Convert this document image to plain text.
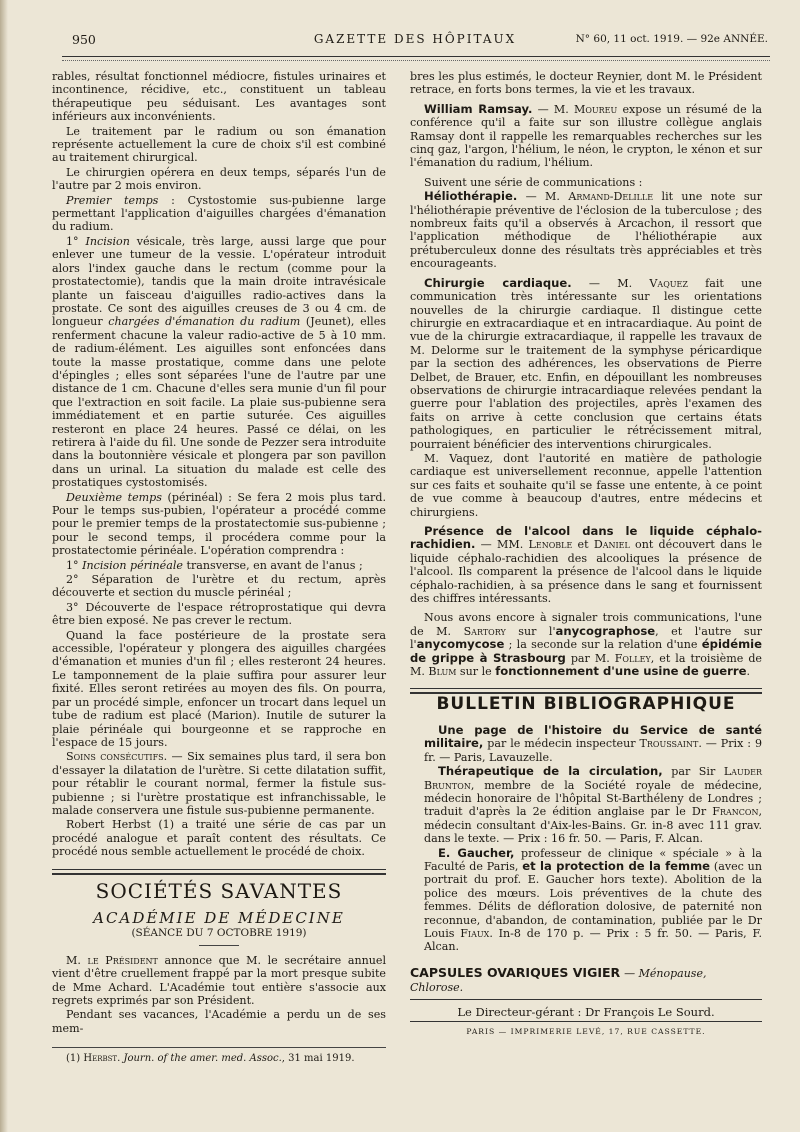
950	GAZETTE DES HÔPITAUX	N° 60, 11 oct. 1919. — 92e ANNÉE.

rables, résultat fonctionnel médiocre, fistules urinaires et incontinence, récidive, etc., constituent un tableau thérapeutique peu séduisant. Les avantages sont inférieurs aux inconvénients.

Le traitement par le radium ou son émanation représente actuellement la cure de choix s'il est combiné au traitement chirurgical.

Le chirurgien opérera en deux temps, séparés l'un de l'autre par 2 mois environ.

Premier temps : Cystostomie sus-pubienne large permettant l'application d'aiguilles chargées d'émanation du radium.

1° Incision vésicale, très large, aussi large que pour enlever une tumeur de la vessie. L'opérateur introduit alors l'index gauche dans le rectum (comme pour la prostatectomie), tandis que la main droite intravésicale plante un faisceau d'aiguilles radio-actives dans la prostate. Ce sont des aiguilles creuses de 3 ou 4 cm. de longueur chargées d'émanation du radium (Jeunet), elles renferment chacune la valeur radio-active de 5 à 10 mm. de radium-élément. Les aiguilles sont enfoncées dans toute la masse prostatique, comme dans une pelote d'épingles ; elles sont séparées l'une de l'autre par une distance de 1 cm. Chacune d'elles sera munie d'un fil pour que l'extraction en soit facile. La plaie sus-pubienne sera immédiatement et en partie suturée. Ces aiguilles resteront en place 24 heures. Passé ce délai, on les retirera à l'aide du fil. Une sonde de Pezzer sera introduite dans la boutonnière vésicale et plongera par son pavillon dans un urinal. La situation du malade est celle des prostatiques cystostomisés.

Deuxième temps (périnéal) : Se fera 2 mois plus tard. Pour le temps sus-pubien, l'opérateur a procédé comme pour le premier temps de la prostatectomie sus-pubienne ; pour le second temps, il procédera comme pour la prostatectomie périnéale. L'opération comprendra :

1° Incision périnéale transverse, en avant de l'anus ;

2° Séparation de l'urètre et du rectum, après découverte et section du muscle périnéal ;

3° Découverte de l'espace rétroprostatique qui devra être bien exposé. Ne pas crever le rectum.

Quand la face postérieure de la prostate sera accessible, l'opérateur y plongera des aiguilles chargées d'émanation et munies d'un fil ; elles resteront 24 heures. Le tamponnement de la plaie suffira pour assurer leur fixité. Elles seront retirées au moyen des fils. On pourra, par un procédé simple, enfoncer un trocart dans lequel un tube de radium est placé (Marion). Inutile de suturer la plaie périnéale qui bourgeonne et se rapproche en l'espace de 15 jours.

Soins consécutifs. — Six semaines plus tard, il sera bon d'essayer la dilatation de l'urètre. Si cette dilatation suffit, pour rétablir le courant normal, fermer la fistule sus-pubienne ; si l'urètre prostatique est infranchissable, le malade conservera une fistule sus-pubienne permanente.

Robert Herbst (1) a traité une série de cas par un procédé analogue et paraît content des résultats. Ce procédé nous semble actuellement le procédé de choix.

SOCIÉTÉS SAVANTES
ACADÉMIE DE MÉDECINE
(SÉANCE DU 7 OCTOBRE 1919)

M. le Président annonce que M. le secrétaire annuel vient d'être cruellement frappé par la mort presque subite de Mme Achard. L'Académie tout entière s'associe aux regrets exprimés par son Président.

Pendant ses vacances, l'Académie a perdu un de ses mem-

(1) Herbst. Journ. of the amer. med. Assoc., 31 mai 1919.

bres les plus estimés, le docteur Reynier, dont M. le Président retrace, en forts bons termes, la vie et les travaux.

William Ramsay. — M. Moureu expose un résumé de la conférence qu'il a faite sur son illustre collègue anglais Ramsay dont il rappelle les remarquables recherches sur les cinq gaz, l'argon, l'hélium, le néon, le crypton, le xénon et sur l'émanation du radium, l'hélium.

Suivent une série de communications :

Héliothérapie. — M. Armand-Delille lit une note sur l'héliothérapie préventive de l'éclosion de la tuberculose ; des nombreux faits qu'il a observés à Arcachon, il ressort que l'application méthodique de l'héliothérapie aux prétuberculeux donne des résultats très appréciables et très encourageants.

Chirurgie cardiaque. — M. Vaquez fait une communication très intéressante sur les orientations nouvelles de la chirurgie cardiaque. Il distingue cette chirurgie en extracardiaque et en intracardiaque. Au point de vue de la chirurgie extracardiaque, il rappelle les travaux de M. Delorme sur le traitement de la symphyse péricardique par la section des adhérences, les observations de Pierre Delbet, de Brauer, etc. Enfin, en dépouillant les nombreuses observations de chirurgie intracardiaque relevées pendant la guerre pour l'ablation des projectiles, après l'examen des faits on arrive à cette conclusion que certains états pathologiques, en particulier le rétrécissement mitral, pourraient bénéficier des interventions chirurgicales.

M. Vaquez, dont l'autorité en matière de pathologie cardiaque est universellement reconnue, appelle l'attention sur ces faits et souhaite qu'il se fasse une entente, à ce point de vue comme à beaucoup d'autres, entre médecins et chirurgiens.

Présence de l'alcool dans le liquide céphalo-rachidien. — MM. Lenoble et Daniel ont découvert dans le liquide céphalo-rachidien des alcooliques la présence de l'alcool. Ils comparent la présence de l'alcool dans le liquide céphalo-rachidien, à sa présence dans le sang et fournissent des chiffres intéressants.

Nous avons encore à signaler trois communications, l'une de M. Sartory sur l'anycographose, et l'autre sur l'anycomycose ; la seconde sur la relation d'une épidémie de grippe à Strasbourg par M. Folley, et la troisième de M. Blum sur le fonctionnement d'une usine de guerre.

BULLETIN BIBLIOGRAPHIQUE

Une page de l'histoire du Service de santé militaire, par le médecin inspecteur Troussaint. — Prix : 9 fr. — Paris, Lavauzelle.

Thérapeutique de la circulation, par Sir Lauder Brunton, membre de la Société royale de médecine, médecin honoraire de l'hôpital St-Barthéleny de Londres ; traduit d'après la 2e édition anglaise par le Dr Francon, médecin consultant d'Aix-les-Bains. Gr. in-8 avec 111 grav. dans le texte. — Prix : 16 fr. 50. — Paris, F. Alcan.

E. Gaucher, professeur de clinique « spéciale » à la Faculté de Paris, et la protection de la femme (avec un portrait du prof. E. Gaucher hors texte). Abolition de la police des mœurs. Lois préventives de la chute des femmes. Délits de défloration dolosive, de paternité non reconnue, d'abandon, de contamination, publiée par le Dr Louis Fiaux. In-8 de 170 p. — Prix : 5 fr. 50. — Paris, F. Alcan.

CAPSULES OVARIQUES VIGIER — Ménopause, Chlorose.
Le Directeur-gérant : Dr François Le Sourd.
PARIS — IMPRIMERIE LEVÉ, 17, RUE CASSETTE.
